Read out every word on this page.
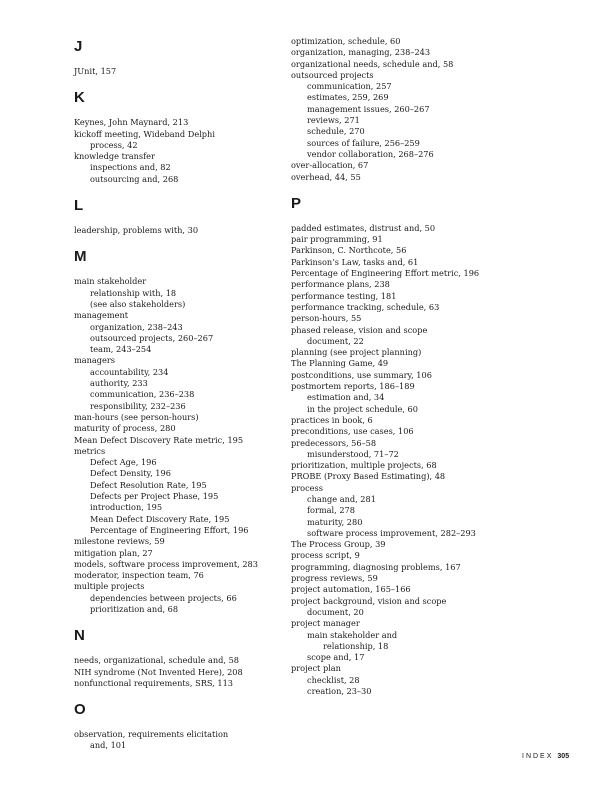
J
JUnit, 157
K
Keynes, John Maynard, 213
kickoff meeting, Wideband Delphi
process, 42
knowledge transfer
inspections and, 82
outsourcing and, 268
L
leadership, problems with, 30
M
main stakeholder
relationship with, 18
(see also stakeholders)
management
organization, 238–243
outsourced projects, 260–267
team, 243–254
managers
accountability, 234
authority, 233
communication, 236–238
responsibility, 232–236
man-hours (see person-hours)
maturity of process, 280
Mean Defect Discovery Rate metric, 195
metrics
Defect Age, 196
Defect Density, 196
Defect Resolution Rate, 195
Defects per Project Phase, 195
introduction, 195
Mean Defect Discovery Rate, 195
Percentage of Engineering Effort, 196
milestone reviews, 59
mitigation plan, 27
models, software process improvement, 283
moderator, inspection team, 76
multiple projects
dependencies between projects, 66
prioritization and, 68
N
needs, organizational, schedule and, 58
NIH syndrome (Not Invented Here), 208
nonfunctional requirements, SRS, 113
O
observation, requirements elicitation
and, 101
optimization, schedule, 60
organization, managing, 238–243
organizational needs, schedule and, 58
outsourced projects
communication, 257
estimates, 259, 269
management issues, 260–267
reviews, 271
schedule, 270
sources of failure, 256–259
vendor collaboration, 268–276
over-allocation, 67
overhead, 44, 55
P
padded estimates, distrust and, 50
pair programming, 91
Parkinson, C. Northcote, 56
Parkinson’s Law, tasks and, 61
Percentage of Engineering Effort metric, 196
performance plans, 238
performance testing, 181
performance tracking, schedule, 63
person-hours, 55
phased release, vision and scope
document, 22
planning (see project planning)
The Planning Game, 49
postconditions, use summary, 106
postmortem reports, 186–189
estimation and, 34
in the project schedule, 60
practices in book, 6
preconditions, use cases, 106
predecessors, 56–58
misunderstood, 71–72
prioritization, multiple projects, 68
PROBE (Proxy Based Estimating), 48
process
change and, 281
formal, 278
maturity, 280
software process improvement, 282–293
The Process Group, 39
process script, 9
programming, diagnosing problems, 167
progress reviews, 59
project automation, 165–166
project background, vision and scope
document, 20
project manager
main stakeholder and
relationship, 18
scope and, 17
project plan
checklist, 28
creation, 23–30
INDEX 305
